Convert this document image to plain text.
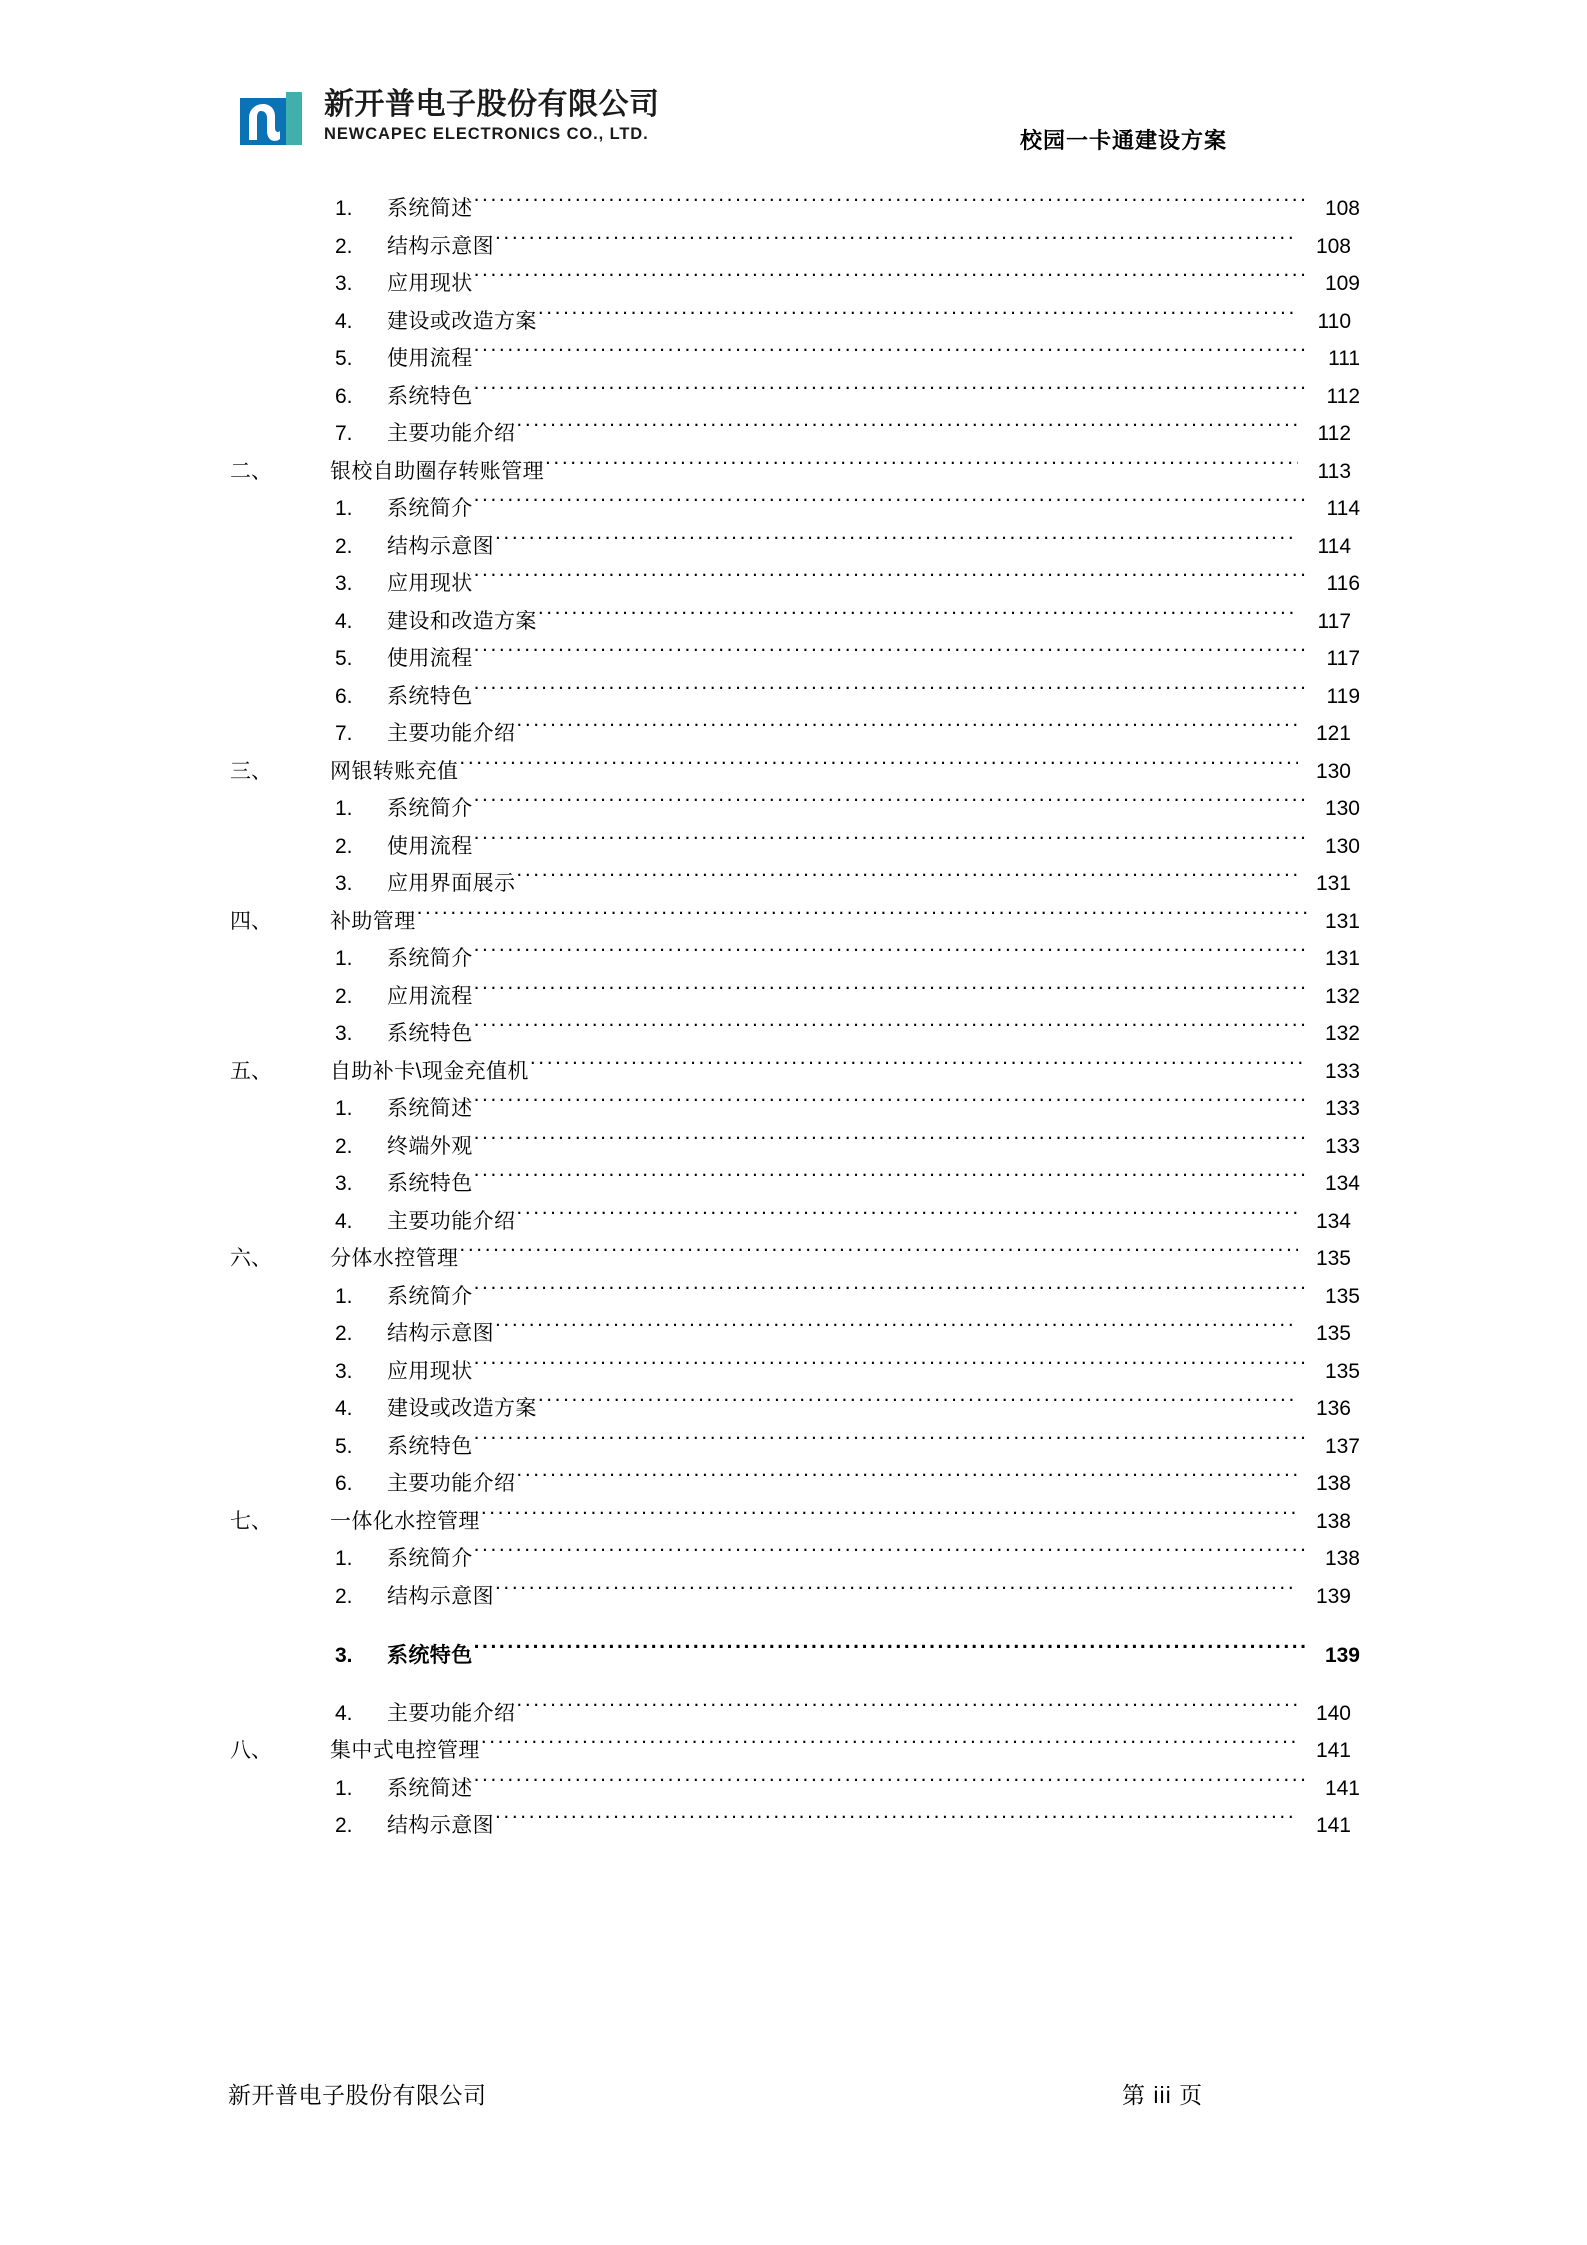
新开普电子股份有限公司
NEWCAPEC ELECTRONICS CO., LTD.	校园一卡通建设方案
1.	系统简述 .....	108
2.	结构示意图 .....	108
3.	应用现状 .....	109
4.	建设或改造方案 .....	110
5.	使用流程 .....	111
6.	系统特色 .....	112
7.	主要功能介绍 .....	112
二、	银校自助圈存转账管理 .....	113
1.	系统简介 .....	114
2.	结构示意图 .....	114
3.	应用现状 .....	116
4.	建设和改造方案 .....	117
5.	使用流程 .....	117
6.	系统特色 .....	119
7.	主要功能介绍 .....	121
三、	网银转账充值 .....	130
1.	系统简介 .....	130
2.	使用流程 .....	130
3.	应用界面展示 .....	131
四、	补助管理 .....	131
1.	系统简介 .....	131
2.	应用流程 .....	132
3.	系统特色 .....	132
五、	自助补卡\现金充值机 .....	133
1.	系统简述 .....	133
2.	终端外观 .....	133
3.	系统特色 .....	134
4.	主要功能介绍 .....	134
六、	分体水控管理 .....	135
1.	系统简介 .....	135
2.	结构示意图 .....	135
3.	应用现状 .....	135
4.	建设或改造方案 .....	136
5.	系统特色 .....	137
6.	主要功能介绍 .....	138
七、	一体化水控管理 .....	138
1.	系统简介 .....	138
2.	结构示意图 .....	139
3.	系统特色 .....	139
4.	主要功能介绍 .....	140
八、	集中式电控管理 .....	141
1.	系统简述 .....	141
2.	结构示意图 .....	141
新开普电子股份有限公司	第 iii 页
